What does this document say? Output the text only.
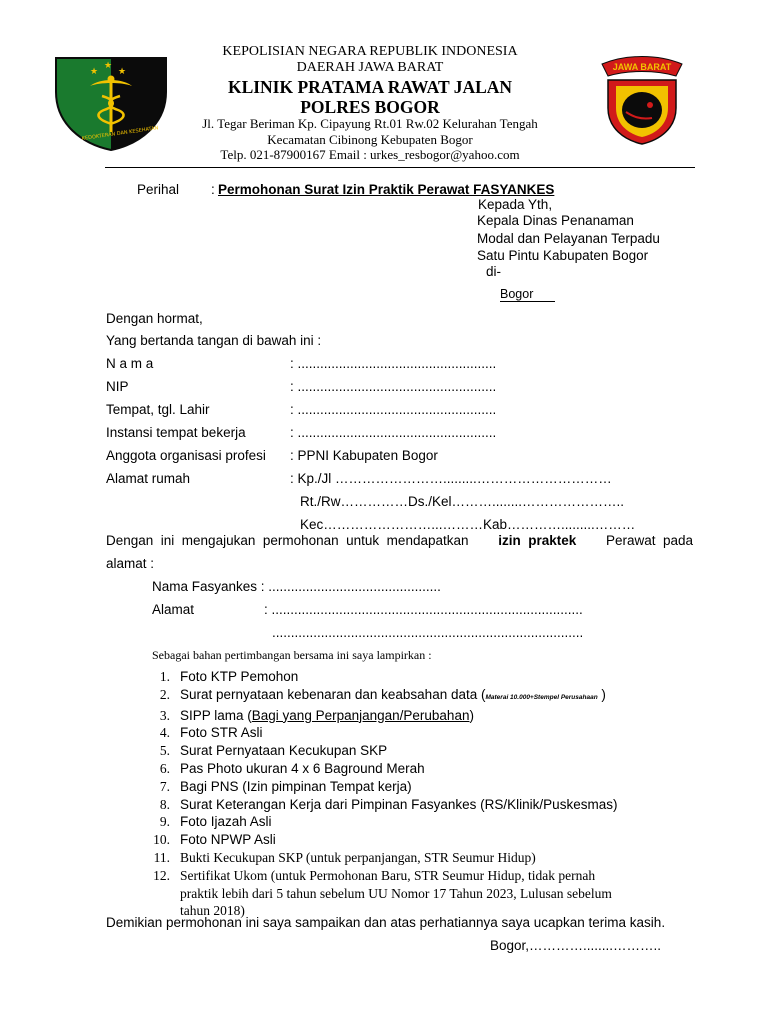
★
★
★
KEDOKTERAN DAN KESEHATAN
JAWA BARAT
KEPOLISIAN NEGARA REPUBLIK INDONESIA
DAERAH JAWA BARAT
KLINIK PRATAMA RAWAT JALAN
POLRES BOGOR
Jl. Tegar Beriman Kp. Cipayung Rt.01 Rw.02 Kelurahan Tengah
Kecamatan Cibinong Kebupaten Bogor
Telp. 021-87900167 Email : urkes_resbogor@yahoo.com
Perihal : Permohonan Surat Izin Praktik Perawat FASYANKES
Kepada Yth,
Kepala Dinas Penanaman
Modal dan Pelayanan Terpadu
Satu Pintu Kabupaten Bogor
di-
Bogor
Dengan hormat,
Yang bertanda tangan di bawah ini :
N a m a	: .....................................................
NIP	: .....................................................
Tempat, tgl. Lahir	: .....................................................
Instansi tempat bekerja	: .....................................................
Anggota organisasi profesi : PPNI Kabupaten Bogor
Alamat rumah	: Kp./Jl …………………….........…………………………
Rt./Rw……………Ds./Kel………........…………………..
Kec……………………...………Kab………….........………
Dengan  ini  mengajukan  permohonan  untuk  mendapatkan izin  praktek Perawat  pada
alamat :
Nama Fasyankes : ..............................................
Alamat	: ...................................................................................
...................................................................................
Sebagai bahan pertimbangan bersama ini saya lampirkan :
1. Foto KTP Pemohon
2. Surat pernyataan kebenaran dan keabsahan data (Materai 10.000+Stempel Perusahaan )
3. SIPP lama (Bagi yang Perpanjangan/Perubahan)
4. Foto STR Asli
5. Surat Pernyataan Kecukupan SKP
6. Pas Photo ukuran 4 x 6 Baground Merah
7. Bagi PNS (Izin pimpinan Tempat kerja)
8. Surat Keterangan Kerja dari Pimpinan Fasyankes (RS/Klinik/Puskesmas)
9. Foto Ijazah Asli
10. Foto NPWP Asli
11. Bukti Kecukupan SKP (untuk perpanjangan, STR Seumur Hidup)
12. Sertifikat Ukom (untuk Permohonan Baru, STR Seumur Hidup, tidak pernah
praktik lebih dari 5 tahun sebelum UU Nomor 17 Tahun 2023, Lulusan sebelum
tahun 2018)
Demikian permohonan ini saya sampaikan dan atas perhatiannya saya ucapkan terima kasih.
Bogor,…………........………..
